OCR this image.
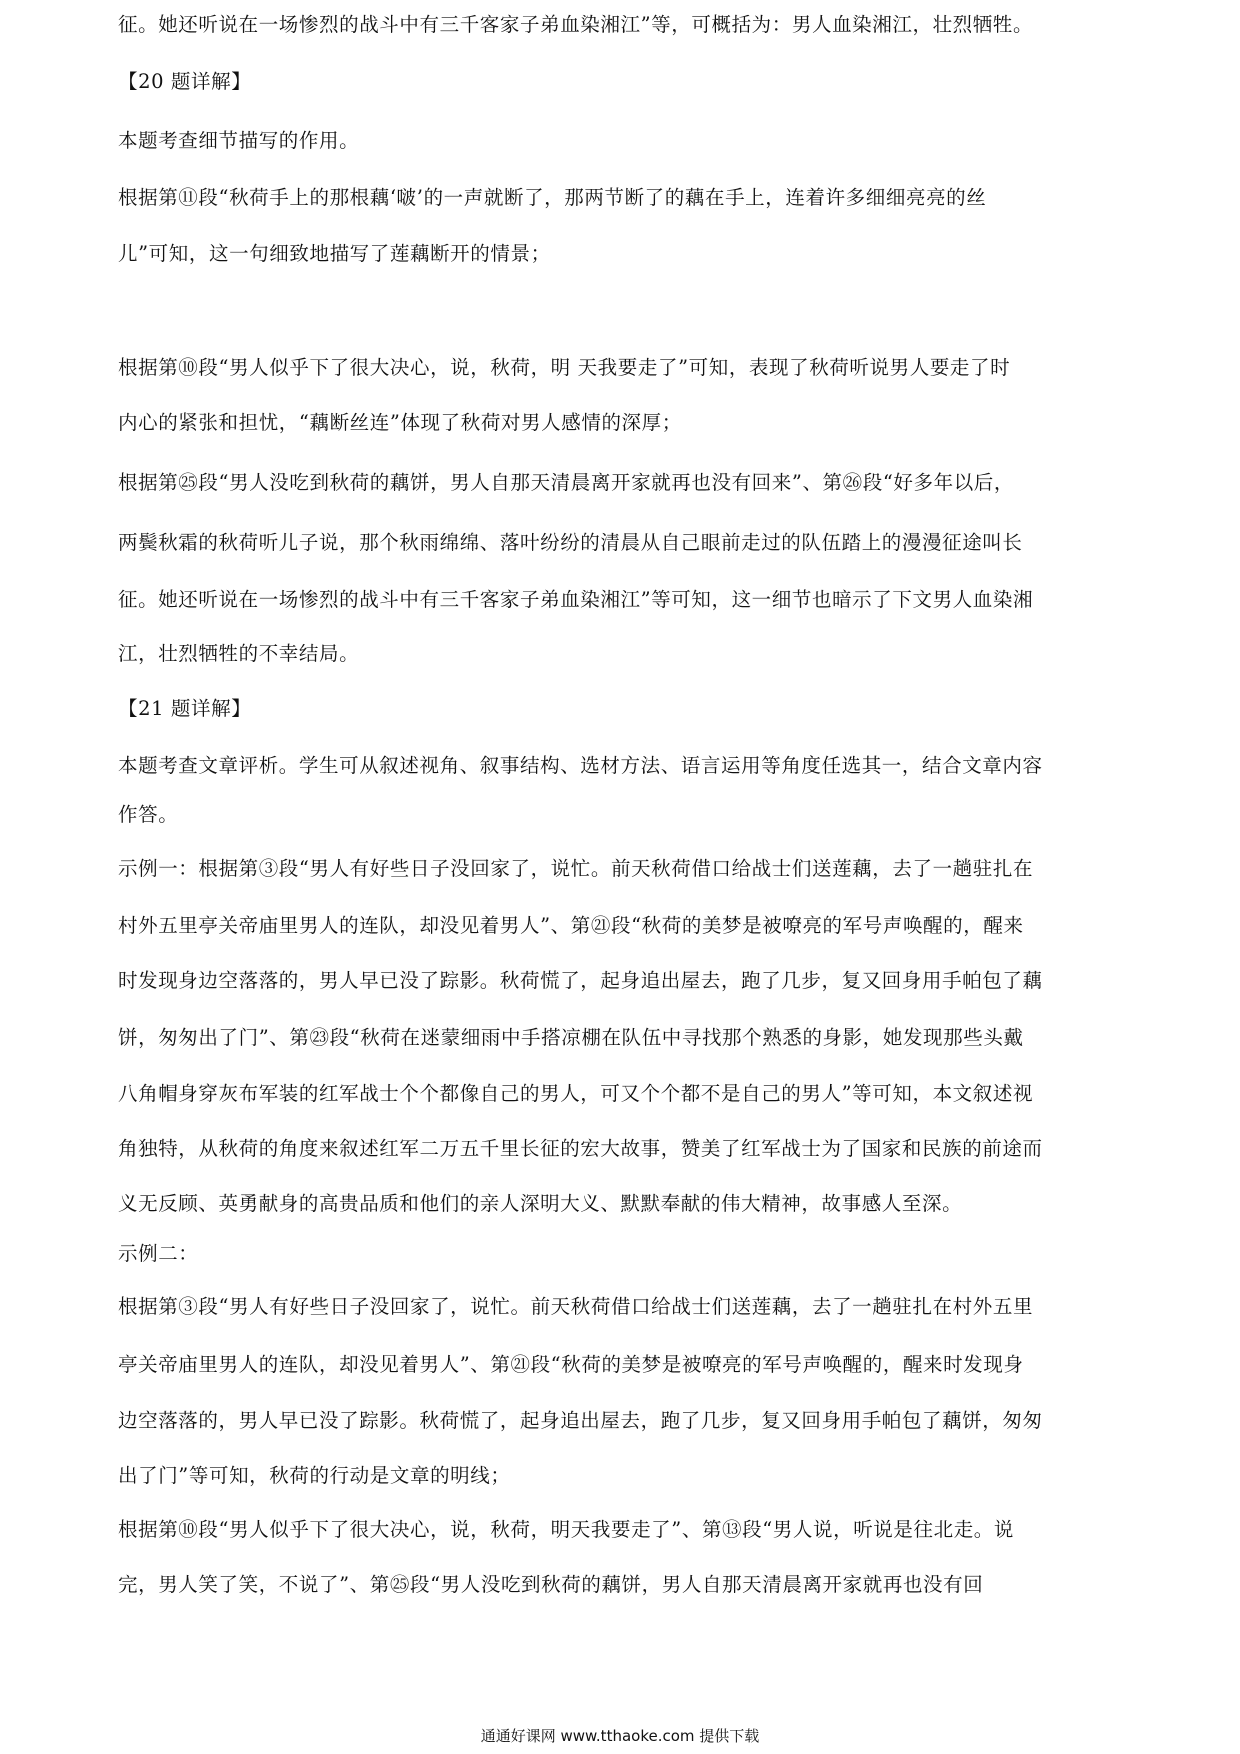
征。她还听说在一场惨烈的战斗中有三千客家子弟血染湘江”等，可概括为：男人血染湘江，壮烈牺牲。
【20 题详解】
本题考查细节描写的作用。
根据第⑪段“秋荷手上的那根藕‘啵’的一声就断了，那两节断了的藕在手上，连着许多细细亮亮的丝
儿”可知，这一句细致地描写了莲藕断开的情景；
根据第⑩段“男人似乎下了很大决心，说，秋荷，明 天我要走了”可知，表现了秋荷听说男人要走了时
内心的紧张和担忧，“藕断丝连”体现了秋荷对男人感情的深厚；
根据第㉕段“男人没吃到秋荷的藕饼，男人自那天清晨离开家就再也没有回来”、第㉖段“好多年以后，
两鬓秋霜的秋荷听儿子说，那个秋雨绵绵、落叶纷纷的清晨从自己眼前走过的队伍踏上的漫漫征途叫长
征。她还听说在一场惨烈的战斗中有三千客家子弟血染湘江”等可知，这一细节也暗示了下文男人血染湘
江，壮烈牺牲的不幸结局。
【21 题详解】
本题考查文章评析。学生可从叙述视角、叙事结构、选材方法、语言运用等角度任选其一，结合文章内容
作答。
示例一：根据第③段“男人有好些日子没回家了，说忙。前天秋荷借口给战士们送莲藕，去了一趟驻扎在
村外五里亭关帝庙里男人的连队，却没见着男人”、第㉑段“秋荷的美梦是被嘹亮的军号声唤醒的，醒来
时发现身边空落落的，男人早已没了踪影。秋荷慌了，起身追出屋去，跑了几步，复又回身用手帕包了藕
饼，匆匆出了门”、第㉓段“秋荷在迷蒙细雨中手搭凉棚在队伍中寻找那个熟悉的身影，她发现那些头戴
八角帽身穿灰布军装的红军战士个个都像自己的男人，可又个个都不是自己的男人”等可知，本文叙述视
角独特，从秋荷的角度来叙述红军二万五千里长征的宏大故事，赞美了红军战士为了国家和民族的前途而
义无反顾、英勇献身的高贵品质和他们的亲人深明大义、默默奉献的伟大精神，故事感人至深。
示例二：
根据第③段“男人有好些日子没回家了，说忙。前天秋荷借口给战士们送莲藕，去了一趟驻扎在村外五里
亭关帝庙里男人的连队，却没见着男人”、第㉑段“秋荷的美梦是被嘹亮的军号声唤醒的，醒来时发现身
边空落落的，男人早已没了踪影。秋荷慌了，起身追出屋去，跑了几步，复又回身用手帕包了藕饼，匆匆
出了门”等可知，秋荷的行动是文章的明线；
根据第⑩段“男人似乎下了很大决心，说，秋荷，明天我要走了”、第⑬段“男人说，听说是往北走。说
完，男人笑了笑，不说了”、第㉕段“男人没吃到秋荷的藕饼，男人自那天清晨离开家就再也没有回
通通好课网 www.tthaoke.com 提供下载
